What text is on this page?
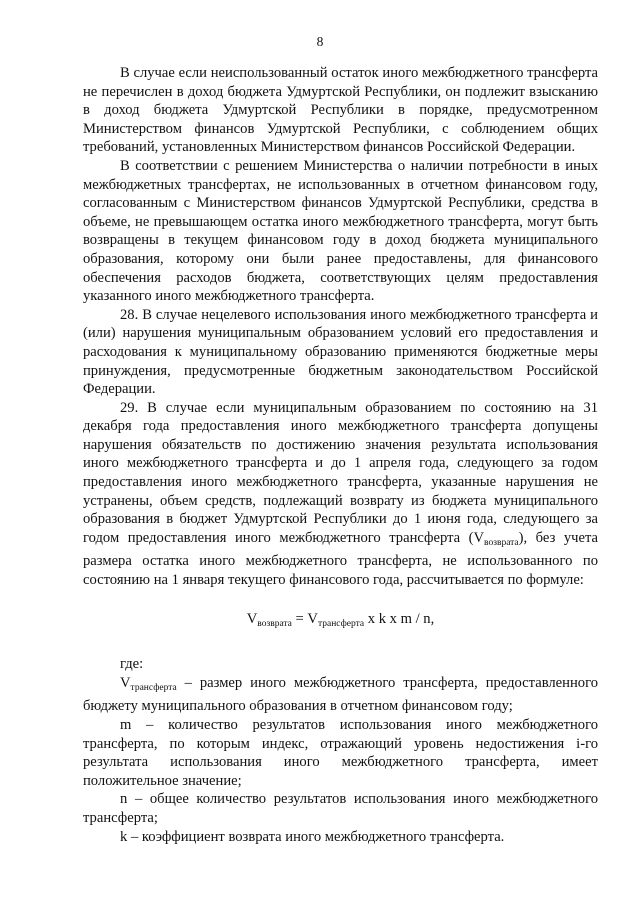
8

В случае если неиспользованный остаток иного межбюджетного трансферта не перечислен в доход бюджета Удмуртской Республики, он подлежит взысканию в доход бюджета Удмуртской Республики в порядке, предусмотренном Министерством финансов Удмуртской Республики, с соблюдением общих требований, установленных Министерством финансов Российской Федерации.

В соответствии с решением Министерства о наличии потребности в иных межбюджетных трансфертах, не использованных в отчетном финансовом году, согласованным с Министерством финансов Удмуртской Республики, средства в объеме, не превышающем остатка иного межбюджетного трансферта, могут быть возвращены в текущем финансовом году в доход бюджета муниципального образования, которому они были ранее предоставлены, для финансового обеспечения расходов бюджета, соответствующих целям предоставления указанного иного межбюджетного трансферта.

28. В случае нецелевого использования иного межбюджетного трансферта и (или) нарушения муниципальным образованием условий его предоставления и расходования к муниципальному образованию применяются бюджетные меры принуждения, предусмотренные бюджетным законодательством Российской Федерации.

29. В случае если муниципальным образованием по состоянию на 31 декабря года предоставления иного межбюджетного трансферта допущены нарушения обязательств по достижению значения результата использования иного межбюджетного трансферта и до 1 апреля года, следующего за годом предоставления иного межбюджетного трансферта, указанные нарушения не устранены, объем средств, подлежащий возврату из бюджета муниципального образования в бюджет Удмуртской Республики до 1 июня года, следующего за годом предоставления иного межбюджетного трансферта $(V_{возврата})$, без учета размера остатка иного межбюджетного трансферта, не использованного по состоянию на 1 января текущего финансового года, рассчитывается по формуле:

$V_{возврата} = V_{трансферта}$ x k x m / n,

где:

$V_{трансферта}$ – размер иного межбюджетного трансферта, предоставленного бюджету муниципального образования в отчетном финансовом году;

m – количество результатов использования иного межбюджетного трансферта, по которым индекс, отражающий уровень недостижения i-го результата использования иного межбюджетного трансферта, имеет положительное значение;

n – общее количество результатов использования иного межбюджетного трансферта;

k – коэффициент возврата иного межбюджетного трансферта.
